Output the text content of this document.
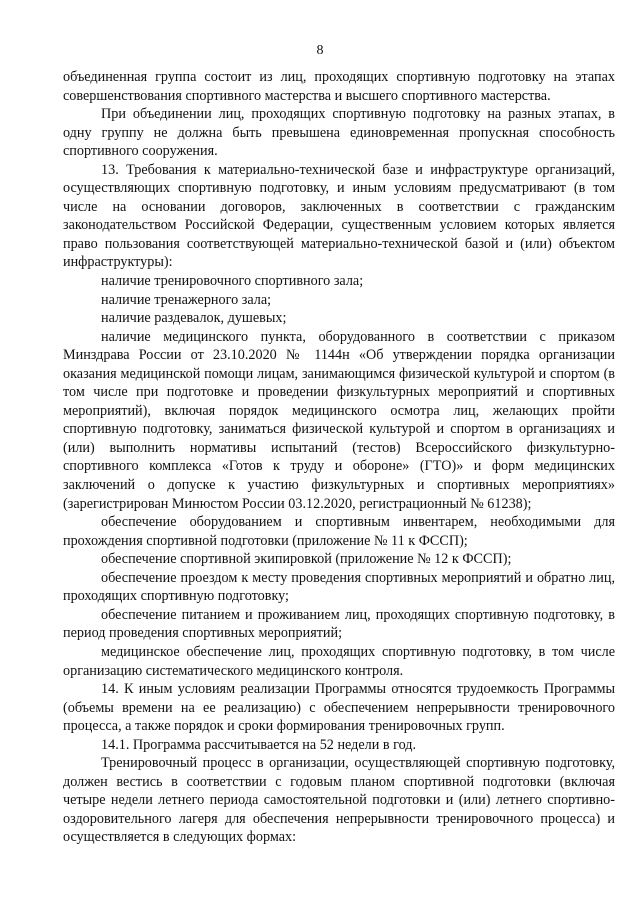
8

объединенная группа состоит из лиц, проходящих спортивную подготовку на этапах совершенствования спортивного мастерства и высшего спортивного мастерства.

При объединении лиц, проходящих спортивную подготовку на разных этапах, в одну группу не должна быть превышена единовременная пропускная способность спортивного сооружения.

13. Требования к материально-технической базе и инфраструктуре организаций, осуществляющих спортивную подготовку, и иным условиям предусматривают (в том числе на основании договоров, заключенных в соответствии с гражданским законодательством Российской Федерации, существенным условием которых является право пользования соответствующей материально-технической базой и (или) объектом инфраструктуры):

наличие тренировочного спортивного зала;

наличие тренажерного зала;

наличие раздевалок, душевых;

наличие медицинского пункта, оборудованного в соответствии с приказом Минздрава России от 23.10.2020 № 1144н «Об утверждении порядка организации оказания медицинской помощи лицам, занимающимся физической культурой и спортом (в том числе при подготовке и проведении физкультурных мероприятий и спортивных мероприятий), включая порядок медицинского осмотра лиц, желающих пройти спортивную подготовку, заниматься физической культурой и спортом в организациях и (или) выполнить нормативы испытаний (тестов) Всероссийского физкультурно-спортивного комплекса «Готов к труду и обороне» (ГТО)» и форм медицинских заключений о допуске к участию физкультурных и спортивных мероприятиях» (зарегистрирован Минюстом России 03.12.2020, регистрационный № 61238);

обеспечение оборудованием и спортивным инвентарем, необходимыми для прохождения спортивной подготовки (приложение № 11 к ФССП);

обеспечение спортивной экипировкой (приложение № 12 к ФССП);

обеспечение проездом к месту проведения спортивных мероприятий и обратно лиц, проходящих спортивную подготовку;

обеспечение питанием и проживанием лиц, проходящих спортивную подготовку, в период проведения спортивных мероприятий;

медицинское обеспечение лиц, проходящих спортивную подготовку, в том числе организацию систематического медицинского контроля.

14. К иным условиям реализации Программы относятся трудоемкость Программы (объемы времени на ее реализацию) с обеспечением непрерывности тренировочного процесса, а также порядок и сроки формирования тренировочных групп.

14.1. Программа рассчитывается на 52 недели в год.

Тренировочный процесс в организации, осуществляющей спортивную подготовку, должен вестись в соответствии с годовым планом спортивной подготовки (включая четыре недели летнего периода самостоятельной подготовки и (или) летнего спортивно-оздоровительного лагеря для обеспечения непрерывности тренировочного процесса) и осуществляется в следующих формах:
